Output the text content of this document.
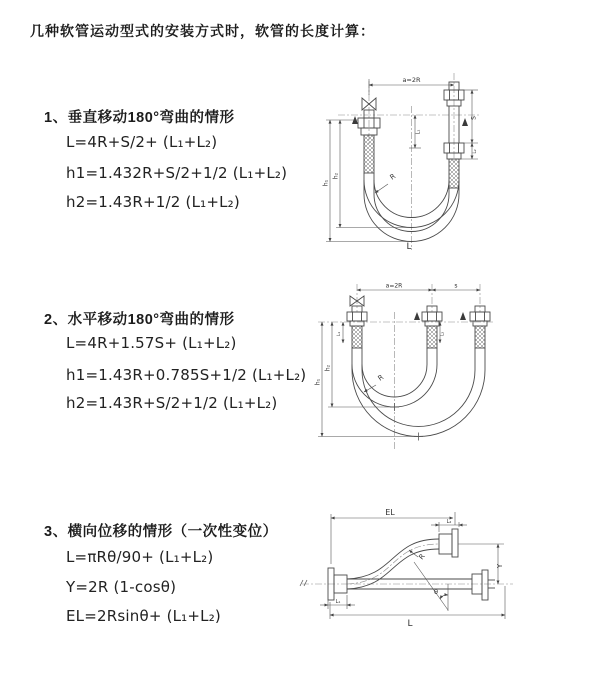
几种软管运动型式的安装方式时，软管的长度计算：
1、垂直移动180°弯曲的情形
L=4R+S/2+ (L₁+L₂)
h1=1.432R+S/2+1/2 (L₁+L₂)
h2=1.43R+1/2 (L₁+L₂)
2、水平移动180°弯曲的情形
L=4R+1.57S+ (L₁+L₂)
h1=1.43R+0.785S+1/2 (L₁+L₂)
h2=1.43R+S/2+1/2 (L₁+L₂)
3、横向位移的情形（一次性变位）
L=πRθ/90+ (L₁+L₂)
Y=2R (1-cosθ)
EL=2Rsinθ+ (L₁+L₂)
a=2R
h₁
h₂
L₁
S
L₂
R
L
a=2R	s
h₁
h₂
L₁	L₂
R
θ
EL
L₂
Y
R
L
L₁
